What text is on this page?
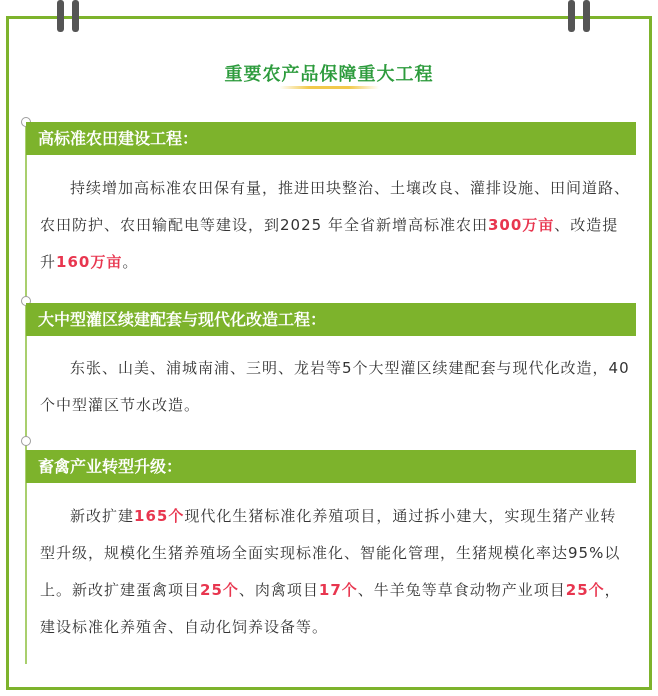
重要农产品保障重大工程
高标准农田建设工程：
持续增加高标准农田保有量，推进田块整治、土壤改良、灌排设施、田间道路、农田防护、农田输配电等建设，到2025 年全省新增高标准农田300万亩、改造提升160万亩。
大中型灌区续建配套与现代化改造工程：
东张、山美、浦城南浦、三明、龙岩等5个大型灌区续建配套与现代化改造，40个中型灌区节水改造。
畜禽产业转型升级：
新改扩建165个现代化生猪标准化养殖项目，通过拆小建大，实现生猪产业转型升级，规模化生猪养殖场全面实现标准化、智能化管理，生猪规模化率达95%以上。新改扩建蛋禽项目25个、肉禽项目17个、牛羊兔等草食动物产业项目25个，建设标准化养殖舍、自动化饲养设备等。
